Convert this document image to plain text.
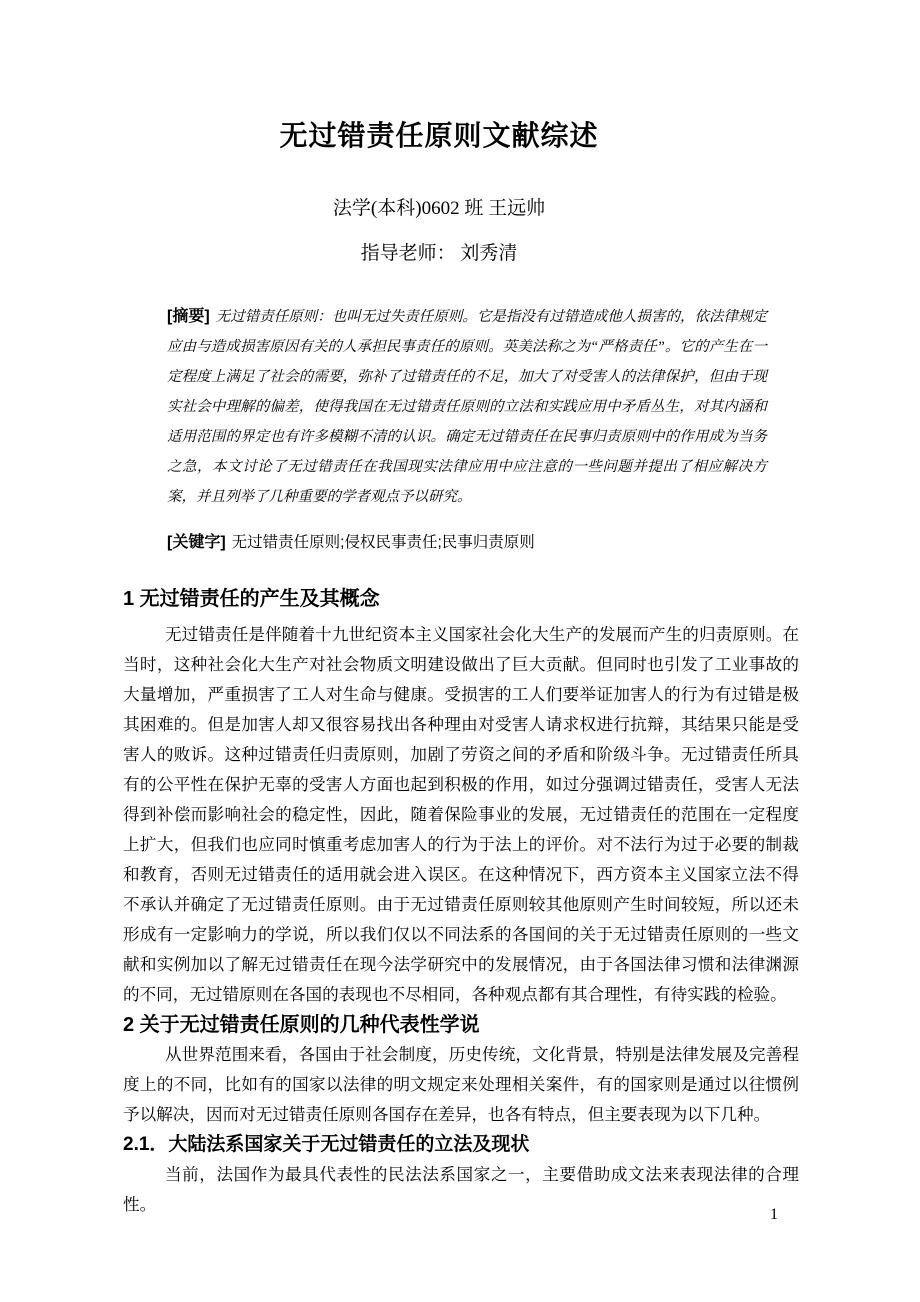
无过错责任原则文献综述
法学(本科)0602 班 王远帅
指导老师： 刘秀清

[摘要] 无过错责任原则：也叫无过失责任原则。它是指没有过错造成他人损害的，依法律规定应由与造成损害原因有关的人承担民事责任的原则。英美法称之为“严格责任”。它的产生在一定程度上满足了社会的需要，弥补了过错责任的不足，加大了对受害人的法律保护，但由于现实社会中理解的偏差，使得我国在无过错责任原则的立法和实践应用中矛盾丛生，对其内涵和适用范围的界定也有许多模糊不清的认识。确定无过错责任在民事归责原则中的作用成为当务之急，本文讨论了无过错责任在我国现实法律应用中应注意的一些问题并提出了相应解决方案，并且列举了几种重要的学者观点予以研究。

[关键字] 无过错责任原则;侵权民事责任;民事归责原则

1 无过错责任的产生及其概念

无过错责任是伴随着十九世纪资本主义国家社会化大生产的发展而产生的归责原则。在当时，这种社会化大生产对社会物质文明建设做出了巨大贡献。但同时也引发了工业事故的大量增加，严重损害了工人对生命与健康。受损害的工人们要举证加害人的行为有过错是极其困难的。但是加害人却又很容易找出各种理由对受害人请求权进行抗辩，其结果只能是受害人的败诉。这种过错责任归责原则，加剧了劳资之间的矛盾和阶级斗争。无过错责任所具有的公平性在保护无辜的受害人方面也起到积极的作用，如过分强调过错责任，受害人无法得到补偿而影响社会的稳定性，因此，随着保险事业的发展，无过错责任的范围在一定程度上扩大，但我们也应同时慎重考虑加害人的行为于法上的评价。对不法行为过于必要的制裁和教育，否则无过错责任的适用就会进入误区。在这种情况下，西方资本主义国家立法不得不承认并确定了无过错责任原则。由于无过错责任原则较其他原则产生时间较短，所以还未形成有一定影响力的学说，所以我们仅以不同法系的各国间的关于无过错责任原则的一些文献和实例加以了解无过错责任在现今法学研究中的发展情况，由于各国法律习惯和法律渊源的不同，无过错原则在各国的表现也不尽相同，各种观点都有其合理性，有待实践的检验。

2 关于无过错责任原则的几种代表性学说

从世界范围来看，各国由于社会制度，历史传统，文化背景，特别是法律发展及完善程度上的不同，比如有的国家以法律的明文规定来处理相关案件，有的国家则是通过以往惯例予以解决，因而对无过错责任原则各国存在差异，也各有特点，但主要表现为以下几种。

2.1．大陆法系国家关于无过错责任的立法及现状

当前，法国作为最具代表性的民法法系国家之一，主要借助成文法来表现法律的合理性。

1
